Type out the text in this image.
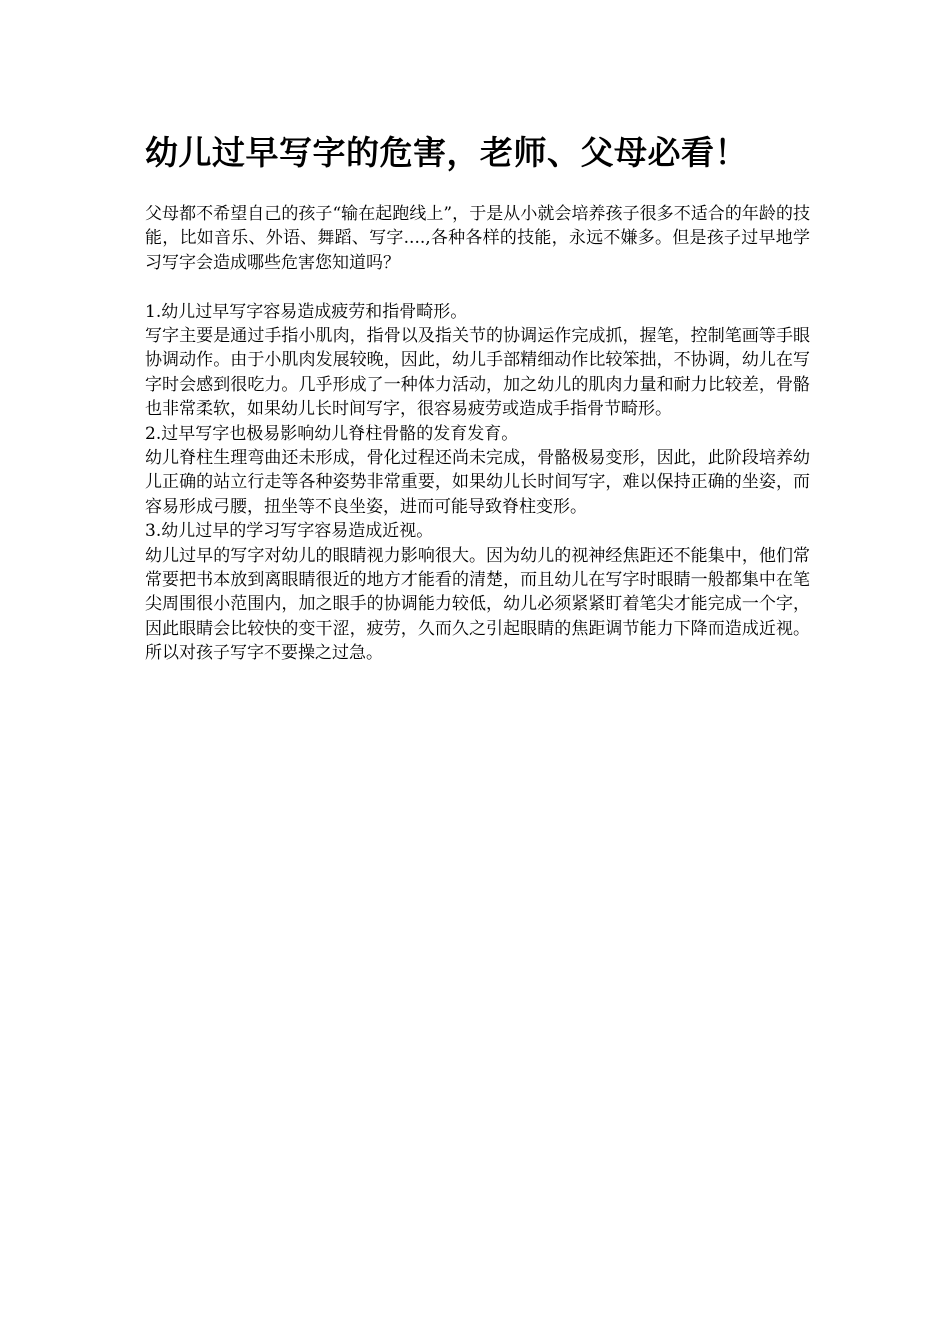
幼儿过早写字的危害，老师、父母必看！

父母都不希望自己的孩子“输在起跑线上”，于是从小就会培养孩子很多不适合的年龄的技能，比如音乐、外语、舞蹈、写字....,各种各样的技能，永远不嫌多。但是孩子过早地学习写字会造成哪些危害您知道吗？

1.幼儿过早写字容易造成疲劳和指骨畸形。

写字主要是通过手指小肌肉，指骨以及指关节的协调运作完成抓，握笔，控制笔画等手眼协调动作。由于小肌肉发展较晚，因此，幼儿手部精细动作比较笨拙，不协调，幼儿在写字时会感到很吃力。几乎形成了一种体力活动，加之幼儿的肌肉力量和耐力比较差，骨骼也非常柔软，如果幼儿长时间写字，很容易疲劳或造成手指骨节畸形。

2.过早写字也极易影响幼儿脊柱骨骼的发育发育。

幼儿脊柱生理弯曲还未形成，骨化过程还尚未完成，骨骼极易变形，因此，此阶段培养幼儿正确的站立行走等各种姿势非常重要，如果幼儿长时间写字，难以保持正确的坐姿，而容易形成弓腰，扭坐等不良坐姿，进而可能导致脊柱变形。

3.幼儿过早的学习写字容易造成近视。

幼儿过早的写字对幼儿的眼睛视力影响很大。因为幼儿的视神经焦距还不能集中，他们常常要把书本放到离眼睛很近的地方才能看的清楚，而且幼儿在写字时眼睛一般都集中在笔尖周围很小范围内，加之眼手的协调能力较低，幼儿必须紧紧盯着笔尖才能完成一个字，因此眼睛会比较快的变干涩，疲劳，久而久之引起眼睛的焦距调节能力下降而造成近视。所以对孩子写字不要操之过急。
